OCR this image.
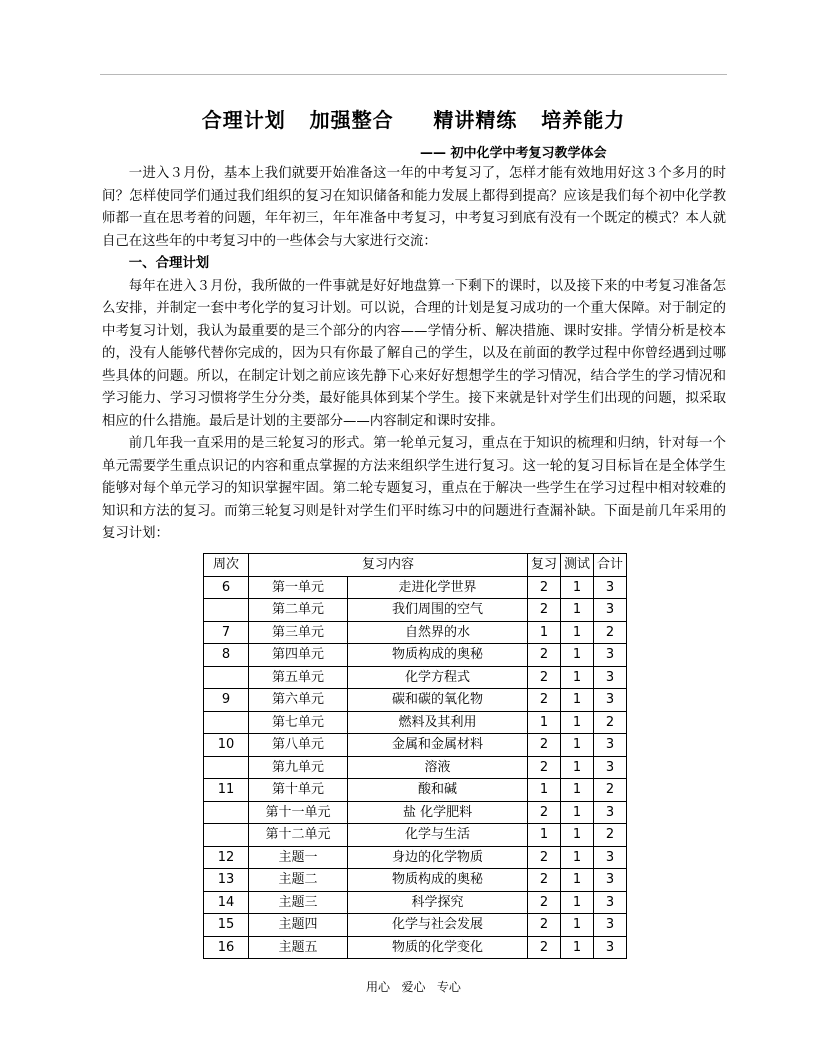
合理计划   加强整合     精讲精练   培养能力
—— 初中化学中考复习教学体会

一进入３月份，基本上我们就要开始准备这一年的中考复习了，怎样才能有效地用好这３个多月的时间？怎样使同学们通过我们组织的复习在知识储备和能力发展上都得到提高？应该是我们每个初中化学教师都一直在思考着的问题，年年初三，年年准备中考复习，中考复习到底有没有一个既定的模式？本人就自己在这些年的中考复习中的一些体会与大家进行交流：

一、合理计划

每年在进入３月份，我所做的一件事就是好好地盘算一下剩下的课时，以及接下来的中考复习准备怎么安排，并制定一套中考化学的复习计划。可以说，合理的计划是复习成功的一个重大保障。对于制定的中考复习计划，我认为最重要的是三个部分的内容——学情分析、解决措施、课时安排。学情分析是校本的，没有人能够代替你完成的，因为只有你最了解自己的学生，以及在前面的教学过程中你曾经遇到过哪些具体的问题。所以，在制定计划之前应该先静下心来好好想想学生的学习情况，结合学生的学习情况和学习能力、学习习惯将学生分分类，最好能具体到某个学生。接下来就是针对学生们出现的问题，拟采取相应的什么措施。最后是计划的主要部分——内容制定和课时安排。

前几年我一直采用的是三轮复习的形式。第一轮单元复习，重点在于知识的梳理和归纳，针对每一个单元需要学生重点识记的内容和重点掌握的方法来组织学生进行复习。这一轮的复习目标旨在是全体学生能够对每个单元学习的知识掌握牢固。第二轮专题复习，重点在于解决一些学生在学习过程中相对较难的知识和方法的复习。而第三轮复习则是针对学生们平时练习中的问题进行查漏补缺。下面是前几年采用的复习计划：

周次	复习内容		复习	测试	合计
6	第一单元	走进化学世界	2	1	3
	第二单元	我们周围的空气	2	1	3
7	第三单元	自然界的水	1	1	2
8	第四单元	物质构成的奥秘	2	1	3
	第五单元	化学方程式	2	1	3
9	第六单元	碳和碳的氧化物	2	1	3
	第七单元	燃料及其利用	1	1	2
10	第八单元	金属和金属材料	2	1	3
	第九单元	溶液	2	1	3
11	第十单元	酸和碱	1	1	2
	第十一单元	盐 化学肥料	2	1	3
	第十二单元	化学与生活	1	1	2
12	主题一	身边的化学物质	2	1	3
13	主题二	物质构成的奥秘	2	1	3
14	主题三	科学探究	2	1	3
15	主题四	化学与社会发展	2	1	3
16	主题五	物质的化学变化	2	1	3
用心   爱心   专心
